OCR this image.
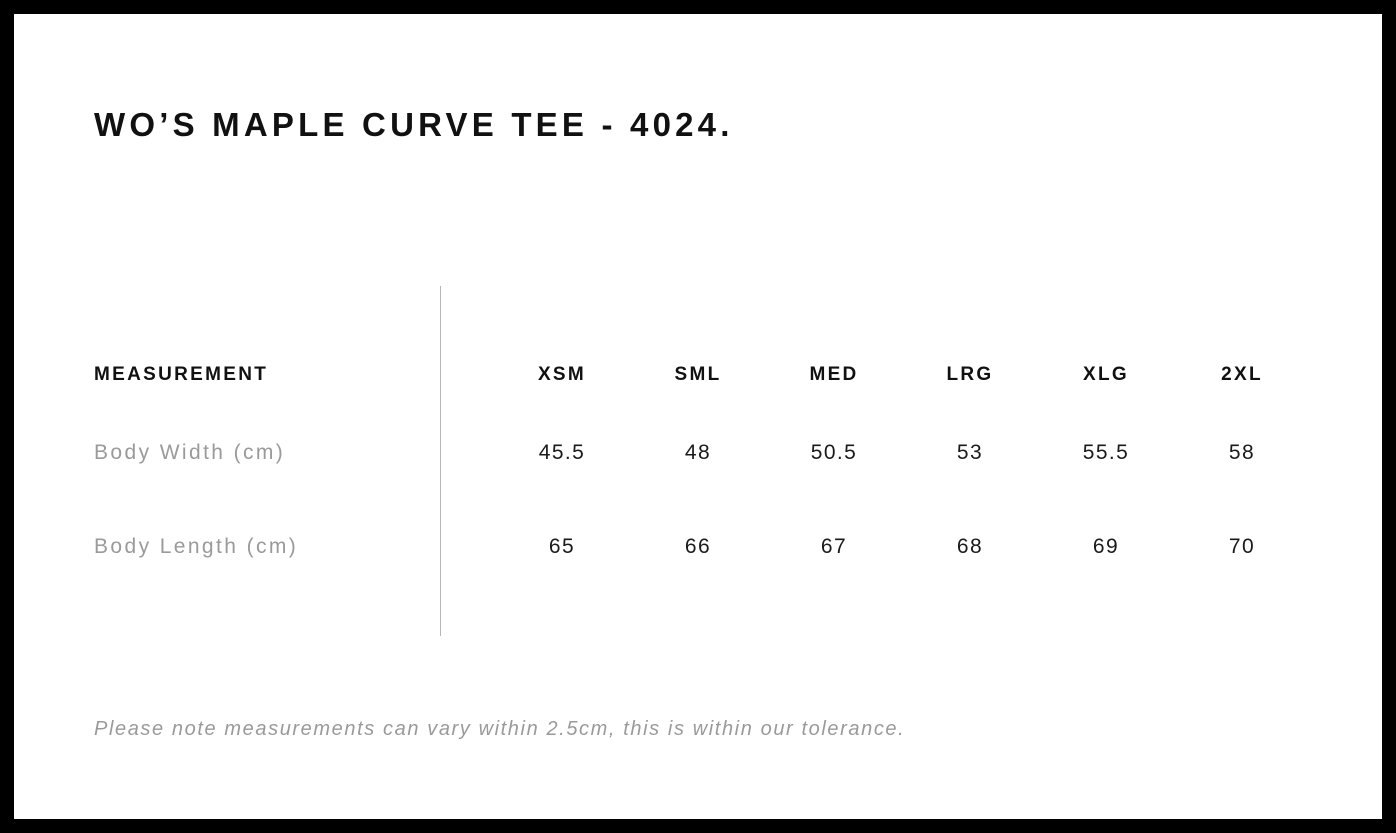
WO’S MAPLE CURVE TEE - 4024.
MEASUREMENT	XSM	SML	MED	LRG	XLG	2XL
Body Width (cm)	45.5	48	50.5	53	55.5	58
Body Length (cm)	65	66	67	68	69	70
Please note measurements can vary within 2.5cm, this is within our tolerance.
